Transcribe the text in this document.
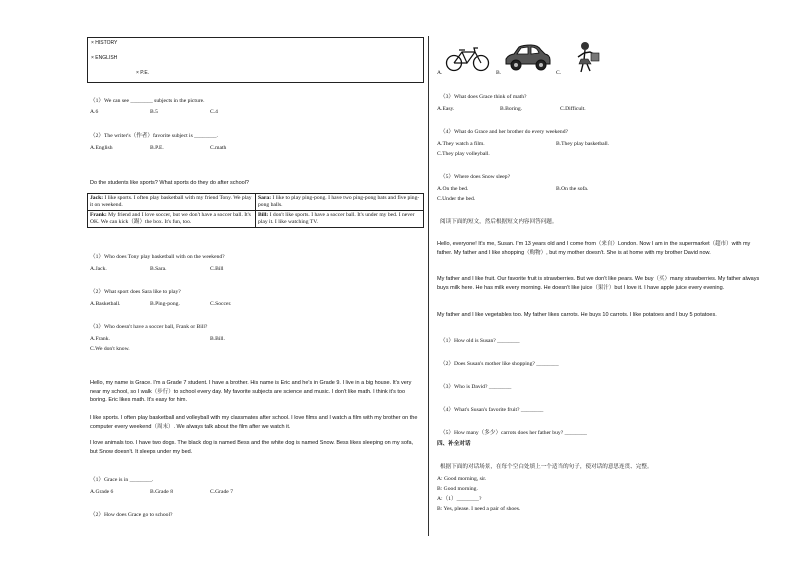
× HISTORY
× ENGLISH
× P.E.
（1）We can see ________ subjects in the picture.
A.6	B.5	C.4
（2）The writer's（作者）favorite subject is ________.
A.English	B.P.E.	C.math
Do the students like sports? What sports do they do after school?
Jack: I like sports. I often play basketball with my friend Tony. We play it on weekend.	Sara: I like to play ping-pong. I have two ping-pong bats and five ping-pong balls.
Frank: My friend and I love soccer, but we don't have a soccer ball. It's OK. We can kick（踢）the box. It's fun, too.	Bill: I don't like sports. I have a soccer ball. It's under my bed. I never play it. I like watching TV.
（1）Who does Tony play basketball with on the weekend?
A.Jack.	B.Sara.	C.Bill
（2）What sport does Sara like to play?
A.Basketball.	B.Ping-pong.	C.Soccer.
（3）Who doesn't have a soccer ball, Frank or Bill?
A.Frank.	B.Bill.
C.We don't know.
Hello, my name is Grace. I'm a Grade 7 student. I have a brother. His name is Eric and he's in Grade 9. I live in a big house. It's very near my school, so I walk（步行）to school every day. My favorite subjects are science and music. I don't like math. I think it's too boring. Eric likes math. It's easy for him.
I like sports. I often play basketball and volleyball with my classmates after school. I love films and I watch a film with my brother on the computer every weekend（周末）. We always talk about the film after we watch it.
I love animals too. I have two dogs. The black dog is named Bess and the white dog is named Snow. Bess likes sleeping on my sofa, but Snow doesn't. It sleeps under my bed.
（1）Grace is in ________.
A.Grade 6	B.Grade 8	C.Grade 7
（2）How does Grace go to school?
A.	B.	C.
（3）What does Grace think of math?
A.Easy.	B.Boring.	C.Difficult.
（4）What do Grace and her brother do every weekend?
A.They watch a film.	B.They play basketball.
C.They play volleyball.
（5）Where does Snow sleep?
A.On the bed.	B.On the sofa.
C.Under the bed.
阅读下面的短文，然后根据短文内容回答问题。
Hello, everyone! It's me, Susan. I'm 13 years old and I come from（来自）London. Now I am in the supermarket（超市）with my father. My father and I like shopping（购物）, but my mother doesn't. She is at home with my brother David now.
My father and I like fruit. Our favorite fruit is strawberries. But we don't like pears. We buy（买）many strawberries. My father always buys milk here. He has milk every morning. He doesn't like juice（果汁）but I love it. I have apple juice every evening.
My father and I like vegetables too. My father likes carrots. He buys 10 carrots. I like potatoes and I buy 5 potatoes.
（1）How old is Susan? ________
（2）Does Susan's mother like shopping? ________
（3）Who is David? ________
（4）What's Susan's favorite fruit? ________
（5）How many（多少）carrots does her father buy? ________
四、补全对话
根据下面的对话场景，在每个空白处填上一个适当的句子，使对话的意思连贯、完整。
A: Good morning, sir.
B: Good morning.
A:（1）________?
B: Yes, please. I need a pair of shoes.
